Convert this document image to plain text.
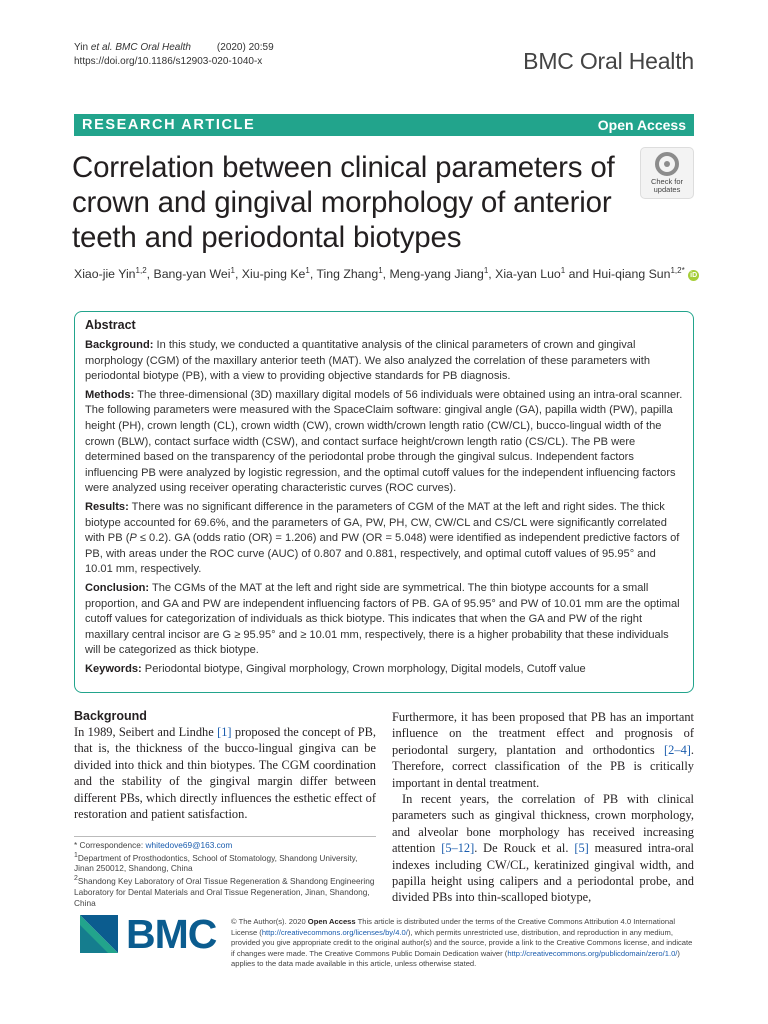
Yin et al. BMC Oral Health	(2020) 20:59
https://doi.org/10.1186/s12903-020-1040-x	BMC Oral Health
RESEARCH ARTICLE	Open Access
Correlation between clinical parameters of crown and gingival morphology of anterior teeth and periodontal biotypes
Check for
updates
Xiao-jie Yin$^{1,2}$, Bang-yan Wei$^1$, Xiu-ping Ke$^1$, Ting Zhang$^1$, Meng-yang Jiang$^1$, Xia-yan Luo$^1$ and Hui-qiang Sun$^{1,2*}$ iD
Abstract

Background: In this study, we conducted a quantitative analysis of the clinical parameters of crown and gingival morphology (CGM) of the maxillary anterior teeth (MAT). We also analyzed the correlation of these parameters with periodontal biotype (PB), with a view to providing objective standards for PB diagnosis.

Methods: The three-dimensional (3D) maxillary digital models of 56 individuals were obtained using an intra-oral scanner. The following parameters were measured with the SpaceClaim software: gingival angle (GA), papilla width (PW), papilla height (PH), crown length (CL), crown width (CW), crown width/crown length ratio (CW/CL), bucco-lingual width of the crown (BLW), contact surface width (CSW), and contact surface height/crown length ratio (CS/CL). The PB were determined based on the transparency of the periodontal probe through the gingival sulcus. Independent factors influencing PB were analyzed by logistic regression, and the optimal cutoff values for the independent influencing factors were analyzed using receiver operating characteristic curves (ROC curves).

Results: There was no significant difference in the parameters of CGM of the MAT at the left and right sides. The thick biotype accounted for 69.6%, and the parameters of GA, PW, PH, CW, CW/CL and CS/CL were significantly correlated with PB (P ≤ 0.2). GA (odds ratio (OR) = 1.206) and PW (OR = 5.048) were identified as independent predictive factors of PB, with areas under the ROC curve (AUC) of 0.807 and 0.881, respectively, and optimal cutoff values of 95.95° and 10.01 mm, respectively.

Conclusion: The CGMs of the MAT at the left and right side are symmetrical. The thin biotype accounts for a small proportion, and GA and PW are independent influencing factors of PB. GA of 95.95° and PW of 10.01 mm are the optimal cutoff values for categorization of individuals as thick biotype. This indicates that when the GA and PW of the right maxillary central incisor are G ≥ 95.95° and ≥ 10.01 mm, respectively, there is a higher probability that these individuals will be categorized as thick biotype.

Keywords: Periodontal biotype, Gingival morphology, Crown morphology, Digital models, Cutoff value

Background

In 1989, Seibert and Lindhe [1] proposed the concept of PB, that is, the thickness of the bucco-lingual gingiva can be divided into thick and thin biotypes. The CGM coordination and the stability of the gingival margin differ between different PBs, which directly influences the esthetic effect of restoration and patient satisfaction.

Furthermore, it has been proposed that PB has an important influence on the treatment effect and prognosis of periodontal surgery, plantation and orthodontics [2–4]. Therefore, correct classification of the PB is critically important in dental treatment.

In recent years, the correlation of PB with clinical parameters such as gingival thickness, crown morphology, and alveolar bone morphology has received increasing attention [5–12]. De Rouck et al. [5] measured intra-oral indexes including CW/CL, keratinized gingival width, and papilla height using calipers and a periodontal probe, and divided PBs into thin-scalloped biotype,

* Correspondence: whitedove69@163.com
$^1$Department of Prosthodontics, School of Stomatology, Shandong University, Jinan 250012, Shandong, China
$^2$Shandong Key Laboratory of Oral Tissue Regeneration & Shandong Engineering Laboratory for Dental Materials and Oral Tissue Regeneration, Jinan, Shandong, China
BMC © The Author(s). 2020 Open Access This article is distributed under the terms of the Creative Commons Attribution 4.0 International License (http://creativecommons.org/licenses/by/4.0/), which permits unrestricted use, distribution, and reproduction in any medium, provided you give appropriate credit to the original author(s) and the source, provide a link to the Creative Commons license, and indicate if changes were made. The Creative Commons Public Domain Dedication waiver (http://creativecommons.org/publicdomain/zero/1.0/) applies to the data made available in this article, unless otherwise stated.
